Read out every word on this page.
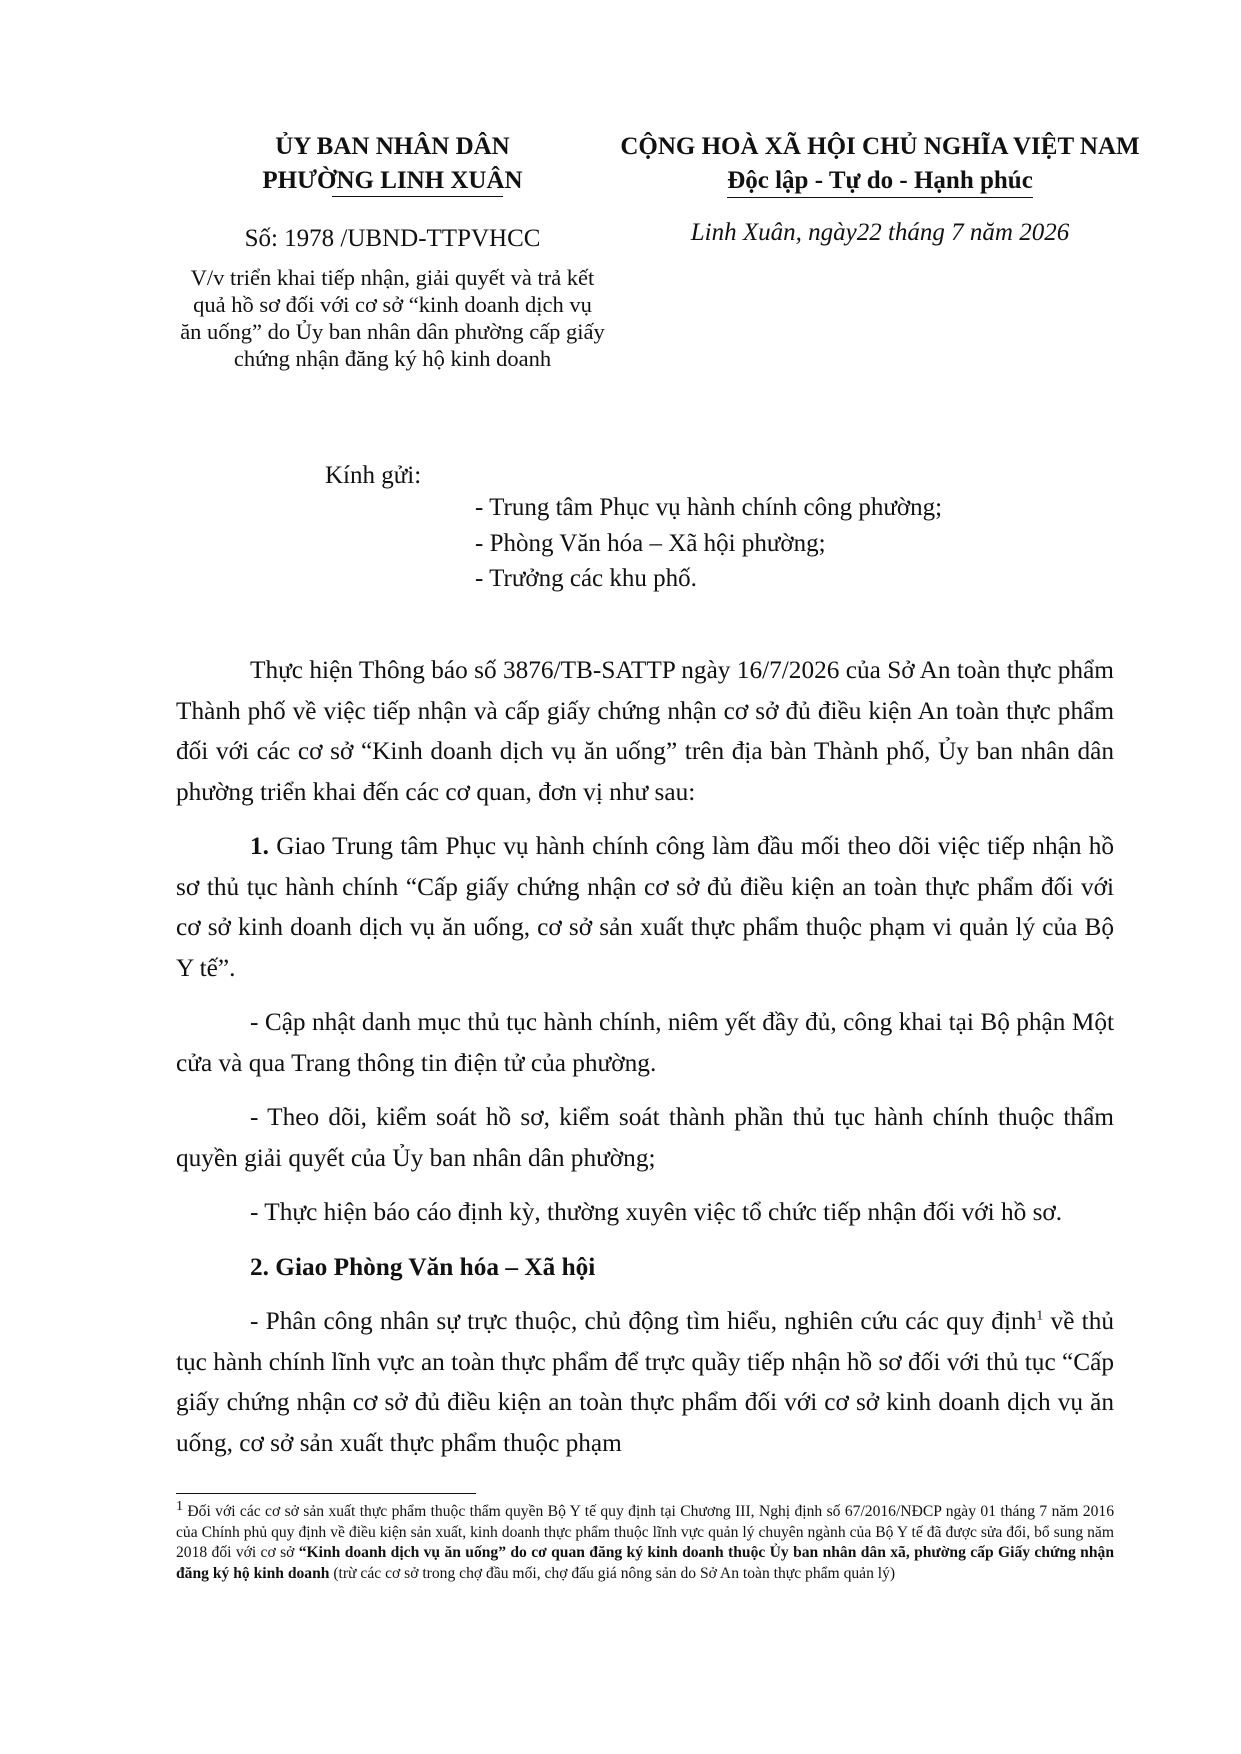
ỦY BAN NHÂN DÂN

PHƯỜNG LINH XUÂN

Số: 1978 /UBND-TTPVHCC
V/v triển khai tiếp nhận, giải quyết và trả kết quả hồ sơ đối với cơ sở “kinh doanh dịch vụ ăn uống” do Ủy ban nhân dân phường cấp giấy chứng nhận đăng ký hộ kinh doanh

CỘNG HOÀ XÃ HỘI CHỦ NGHĨA VIỆT NAM

Độc lập - Tự do - Hạnh phúc

Linh Xuân, ngày22 tháng 7 năm 2026
Kính gửi:
- Trung tâm Phục vụ hành chính công phường;
- Phòng Văn hóa – Xã hội phường;
- Trưởng các khu phố.

Thực hiện Thông báo số 3876/TB-SATTP ngày 16/7/2026 của Sở An toàn thực phẩm Thành phố về việc tiếp nhận và cấp giấy chứng nhận cơ sở đủ điều kiện An toàn thực phẩm đối với các cơ sở “Kinh doanh dịch vụ ăn uống” trên địa bàn Thành phố, Ủy ban nhân dân phường triển khai đến các cơ quan, đơn vị như sau:

1. Giao Trung tâm Phục vụ hành chính công làm đầu mối theo dõi việc tiếp nhận hồ sơ thủ tục hành chính “Cấp giấy chứng nhận cơ sở đủ điều kiện an toàn thực phẩm đối với cơ sở kinh doanh dịch vụ ăn uống, cơ sở sản xuất thực phẩm thuộc phạm vi quản lý của Bộ Y tế”.

- Cập nhật danh mục thủ tục hành chính, niêm yết đầy đủ, công khai tại Bộ phận Một cửa và qua Trang thông tin điện tử của phường.

- Theo dõi, kiểm soát hồ sơ, kiểm soát thành phần thủ tục hành chính thuộc thẩm quyền giải quyết của Ủy ban nhân dân phường;

- Thực hiện báo cáo định kỳ, thường xuyên việc tổ chức tiếp nhận đối với hồ sơ.

2. Giao Phòng Văn hóa – Xã hội

- Phân công nhân sự trực thuộc, chủ động tìm hiểu, nghiên cứu các quy định$^1$ về thủ tục hành chính lĩnh vực an toàn thực phẩm để trực quầy tiếp nhận hồ sơ đối với thủ tục “Cấp giấy chứng nhận cơ sở đủ điều kiện an toàn thực phẩm đối với cơ sở kinh doanh dịch vụ ăn uống, cơ sở sản xuất thực phẩm thuộc phạm

$^1$ Đối với các cơ sở sản xuất thực phẩm thuộc thẩm quyền Bộ Y tế quy định tại Chương III, Nghị định số 67/2016/NĐCP ngày 01 tháng 7 năm 2016 của Chính phủ quy định về điều kiện sản xuất, kinh doanh thực phẩm thuộc lĩnh vực quản lý chuyên ngành của Bộ Y tế đã được sửa đổi, bổ sung năm 2018 đối với cơ sở “Kinh doanh dịch vụ ăn uống” do cơ quan đăng ký kinh doanh thuộc Ủy ban nhân dân xã, phường cấp Giấy chứng nhận đăng ký hộ kinh doanh (trừ các cơ sở trong chợ đầu mối, chợ đấu giá nông sản do Sở An toàn thực phẩm quản lý)
